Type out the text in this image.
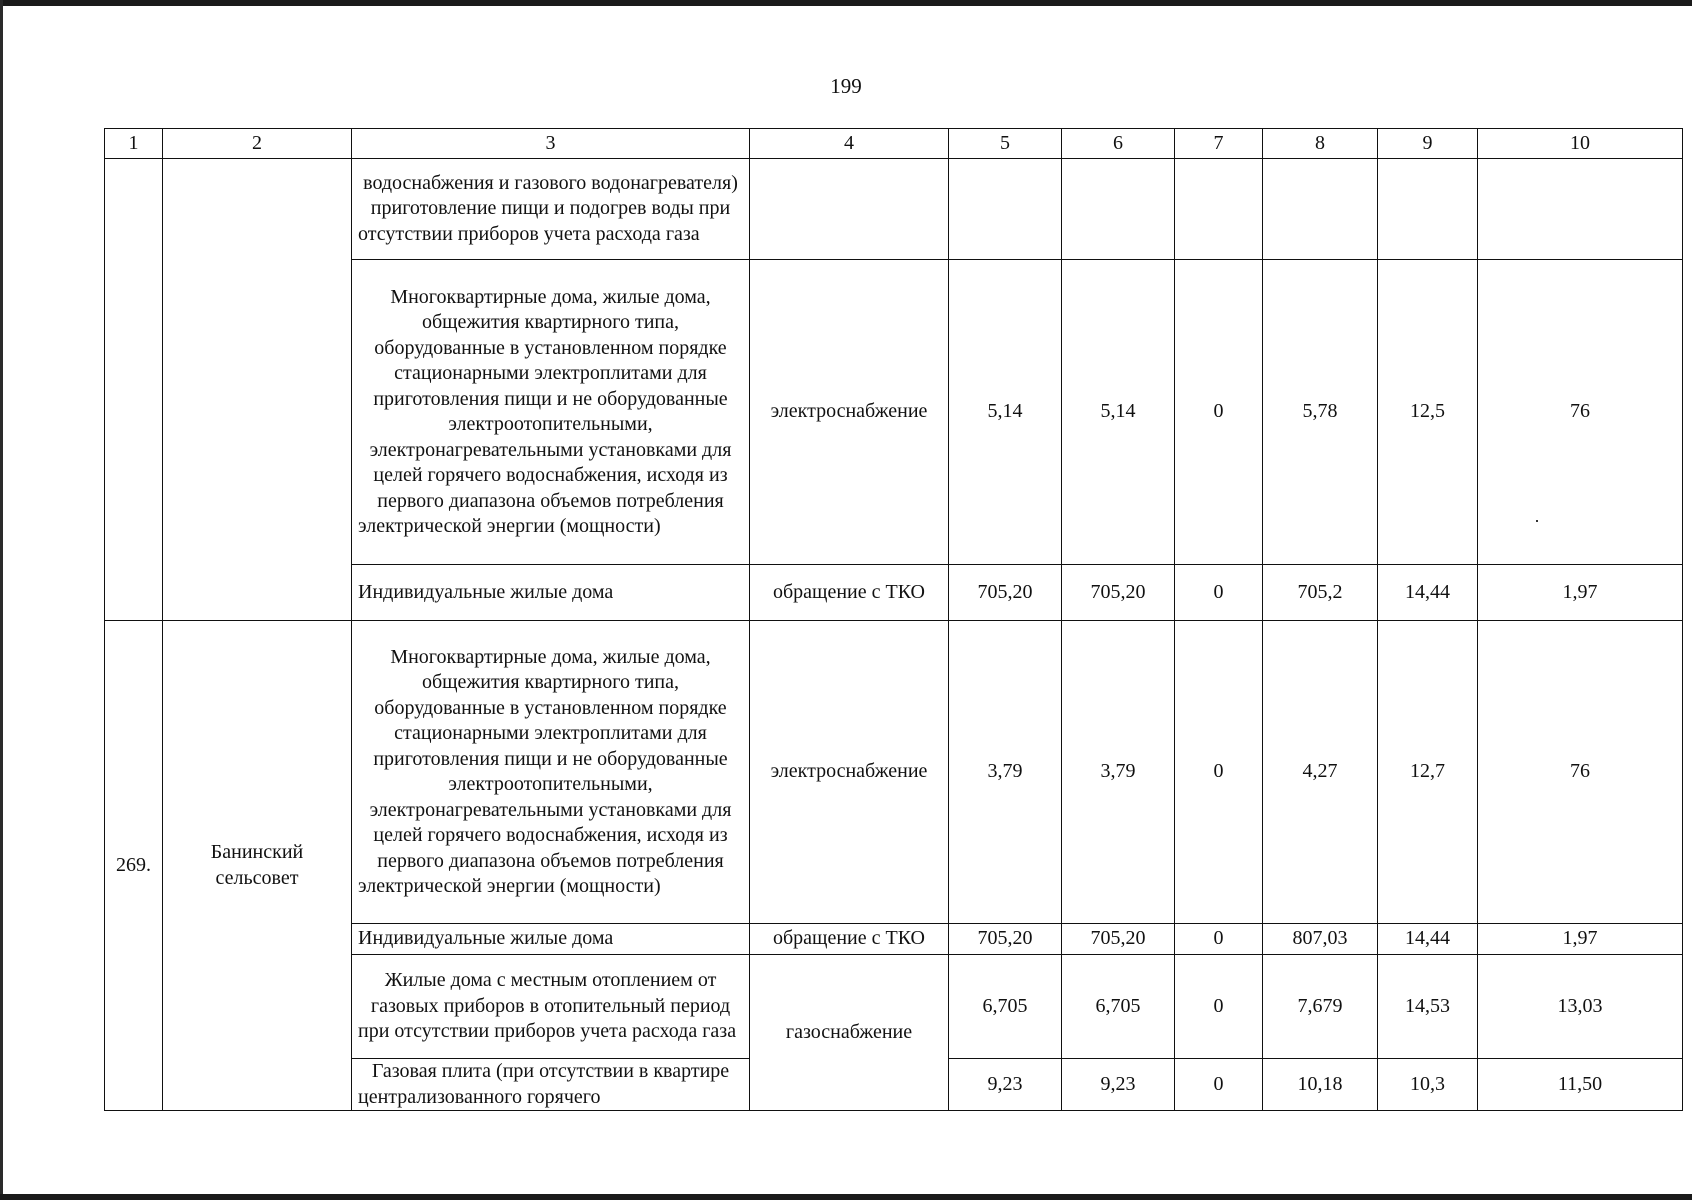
199
1	2	3	4	5	6	7	8	9	10
		водоснабжения и газового водонагревателя) приготовление пищи и подогрев воды при отсутствии приборов учета расхода газа							
		Многоквартирные дома, жилые дома, общежития квартирного типа, оборудованные в установленном порядке стационарными электроплитами для приготовления пищи и не оборудованные электроотопительными, электронагревательными установками для целей горячего водоснабжения, исходя из первого диапазона объемов потребления электрической энергии (мощности)	электроснабжение	5,14	5,14	0	5,78	12,5	76
		Индивидуальные жилые дома	обращение с ТКО	705,20	705,20	0	705,2	14,44	1,97
269.	Банинский сельсовет	Многоквартирные дома, жилые дома, общежития квартирного типа, оборудованные в установленном порядке стационарными электроплитами для приготовления пищи и не оборудованные электроотопительными, электронагревательными установками для целей горячего водоснабжения, исходя из первого диапазона объемов потребления электрической энергии (мощности)	электроснабжение	3,79	3,79	0	4,27	12,7	76
		Индивидуальные жилые дома	обращение с ТКО	705,20	705,20	0	807,03	14,44	1,97
		Жилые дома с местным отоплением от газовых приборов в отопительный период при отсутствии приборов учета расхода газа	газоснабжение	6,705	6,705	0	7,679	14,53	13,03
		Газовая плита (при отсутствии в квартире централизованного горячего		9,23	9,23	0	10,18	10,3	11,50
